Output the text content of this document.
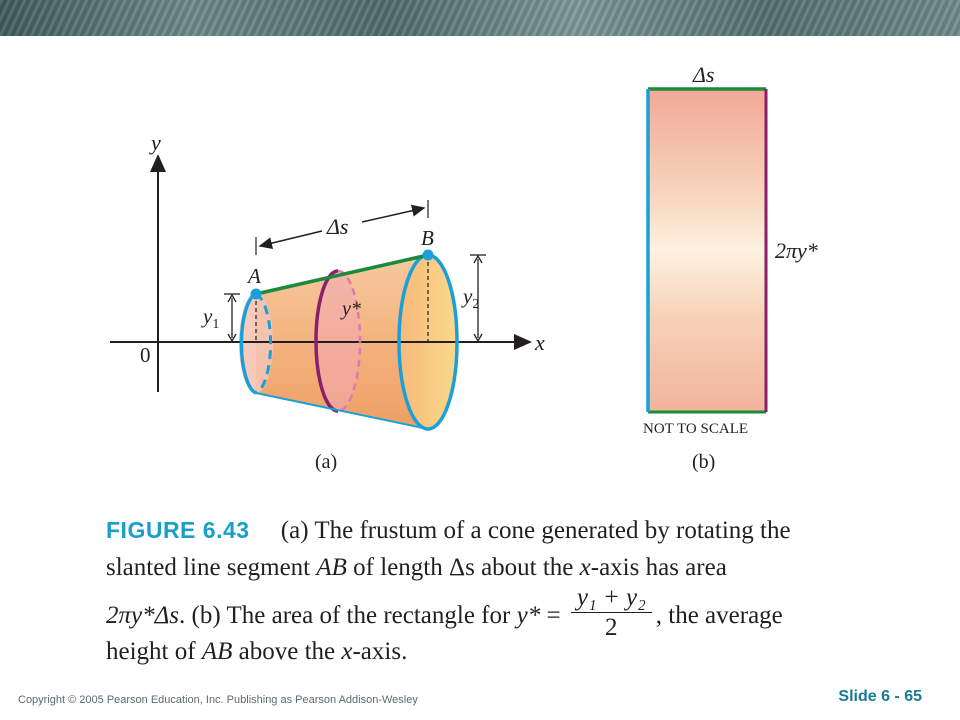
y
x
0
A
B
Δs
$y_1$
$y_2$
y*
(a)
Δs
2πy*
NOT TO SCALE
(b)
FIGURE 6.43 (a) The frustum of a cone generated by rotating the
slanted line segment AB of length Δs about the x-axis has area
2πy*Δs. (b) The area of the rectangle for $y* = \frac{\text{y₁ + y₂}}{2}$ , the average
height of AB above the x-axis.
Copyright © 2005 Pearson Education, Inc. Publishing as Pearson Addison-Wesley	Slide 6 - 65
